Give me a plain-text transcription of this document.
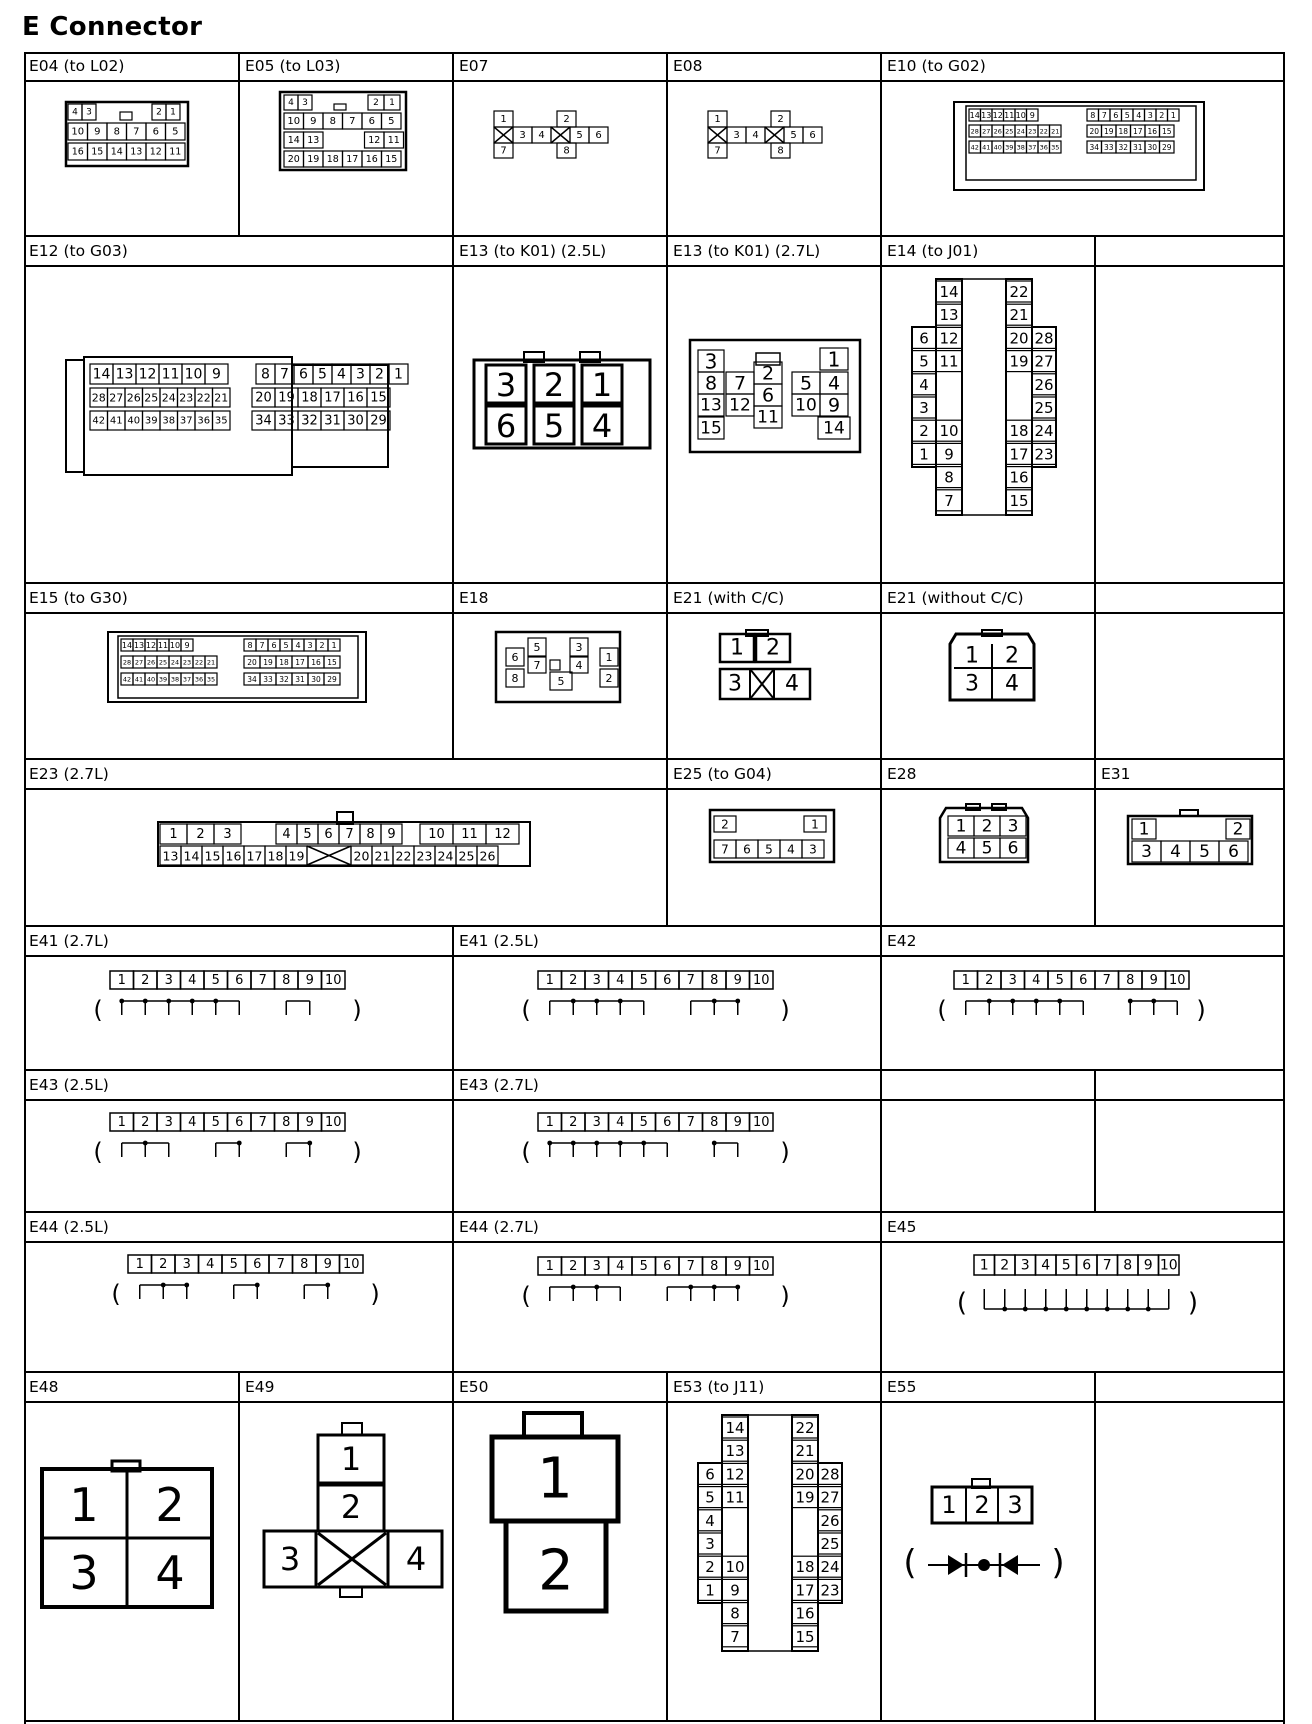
E Connector
E04 (to L02)
4 3	2 1
10 9 8 7 6 5
16 15 14 13 12 11
E05 (to L03)
4 3	2 1
10 9 8 7 6 5
14 13	12 11
20 19 18 17 16 15
E07
1	2
3 4	5 6
7	8
E08
1	2
3 4	5 6
7	8
E10 (to G02)
14 13 12 11 10 9	8 7 6 5 4 3 2 1
28 27 26 25 24 23 22 21	20 19 18 17 16 15
42 41 40 39 38 37 36 35	34 33 32 31 30 29
E12 (to G03)
14 13 12 11 10 9	8 7 6 5 4 3 2 1
28 27 26 25 24 23 22 21 20 19 18 17 16 15
42 41 40 39 38 37 36 35 34 33 32 31 30 29
E13 (to K01) (2.5L)
3 2 1
6 5 4
E13 (to K01) (2.7L)
3	1
2
8 7
6
5 4
13 12
11
10 9
15	14
E14 (to J01)
14	22
13	21
6 12	20 28
5 11	19 27
4	26
3	25
2 10	18 24
1 9	17 23
8	16
7	15
E15 (to G30)
14 13 12 11 10 9	8 7 6 5 4 3 2 1
28 27 26 25 24 23 22 21	20 19 18 17 16 15
42 41 40 39 38 37 36 35	34 33 32 31 30 29
E18
5	3
6	1
7	4
8	2
5
E21 (with C/C)
1 2
3 4
E21 (without C/C)
1 2
3 4
E23 (2.7L)
1 2 3	4 5 6 7 8 9	10 11 12
13 14 15 16 17 18 19	20 21 22 23 24 25 26
E25 (to G04)
2	1
7 6 5 4 3
E28
1 2 3
4 5 6
E31
1	2
3 4 5 6
E41 (2.7L)
1 2 3 4 5 6 7 8 9 10
(	)
E41 (2.5L)
1 2 3 4 5 6 7 8 9 10
(	)
E42
1 2 3 4 5 6 7 8 9 10
(	)
E43 (2.5L)
1 2 3 4 5 6 7 8 9 10
(	)
E43 (2.7L)
1 2 3 4 5 6 7 8 9 10
(	)
E44 (2.5L)
1 2 3 4 5 6 7 8 9 10
(	)
E44 (2.7L)
1 2 3 4 5 6 7 8 9 10
(	)
E45
1 2 3 4 5 6 7 8 9 10
(	)
E48
1 2
3 4
E49
1
2
3	4
E50
1
2
E53 (to J11)
14	22
13	21
6 12	20 28
5 11	19 27
4	26
3	25
2 10	18 24
1 9	17 23
8	16
7	15
E55
1 2 3
(	)
